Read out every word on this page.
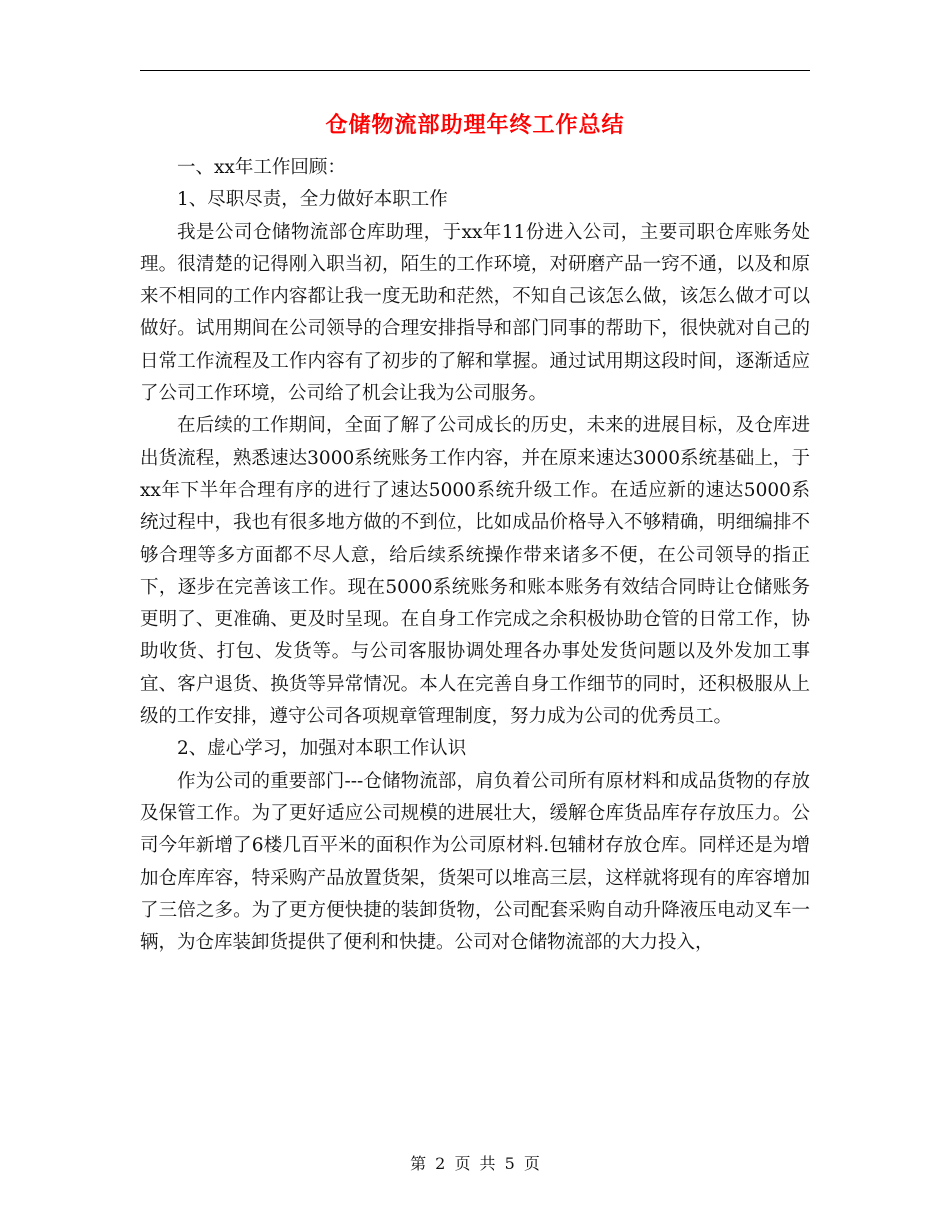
仓储物流部助理年终工作总结

一、xx年工作回顾：

1、尽职尽责，全力做好本职工作

我是公司仓储物流部仓库助理，于xx年11份进入公司，主要司职仓库账务处理。很清楚的记得刚入职当初，陌生的工作环境，对研磨产品一窍不通，以及和原来不相同的工作内容都让我一度无助和茫然，不知自己该怎么做，该怎么做才可以做好。试用期间在公司领导的合理安排指导和部门同事的帮助下，很快就对自己的日常工作流程及工作内容有了初步的了解和掌握。通过试用期这段时间，逐渐适应了公司工作环境，公司给了机会让我为公司服务。

在后续的工作期间，全面了解了公司成长的历史，未来的进展目标，及仓库进出货流程，熟悉速达3000系统账务工作内容，并在原来速达3000系统基础上，于xx年下半年合理有序的进行了速达5000系统升级工作。在适应新的速达5000系统过程中，我也有很多地方做的不到位，比如成品价格导入不够精确，明细编排不够合理等多方面都不尽人意，给后续系统操作带来诸多不便，在公司领导的指正下，逐步在完善该工作。现在5000系统账务和账本账务有效结合同時让仓储账务更明了、更准确、更及时呈现。在自身工作完成之余积极协助仓管的日常工作，协助收货、打包、发货等。与公司客服协调处理各办事处发货问题以及外发加工事宜、客户退货、换货等异常情况。本人在完善自身工作细节的同时，还积极服从上级的工作安排，遵守公司各项规章管理制度，努力成为公司的优秀员工。

2、虚心学习，加强对本职工作认识

作为公司的重要部门---仓储物流部，肩负着公司所有原材料和成品货物的存放及保管工作。为了更好适应公司规模的进展壮大，缓解仓库货品库存存放压力。公司今年新增了6楼几百平米的面积作为公司原材料.包辅材存放仓库。同样还是为增加仓库库容，特采购产品放置货架，货架可以堆高三层，这样就将现有的库容增加了三倍之多。为了更方便快捷的装卸货物，公司配套采购自动升降液压电动叉车一辆，为仓库装卸货提供了便利和快捷。公司对仓储物流部的大力投入，

第 2 页 共 5 页
